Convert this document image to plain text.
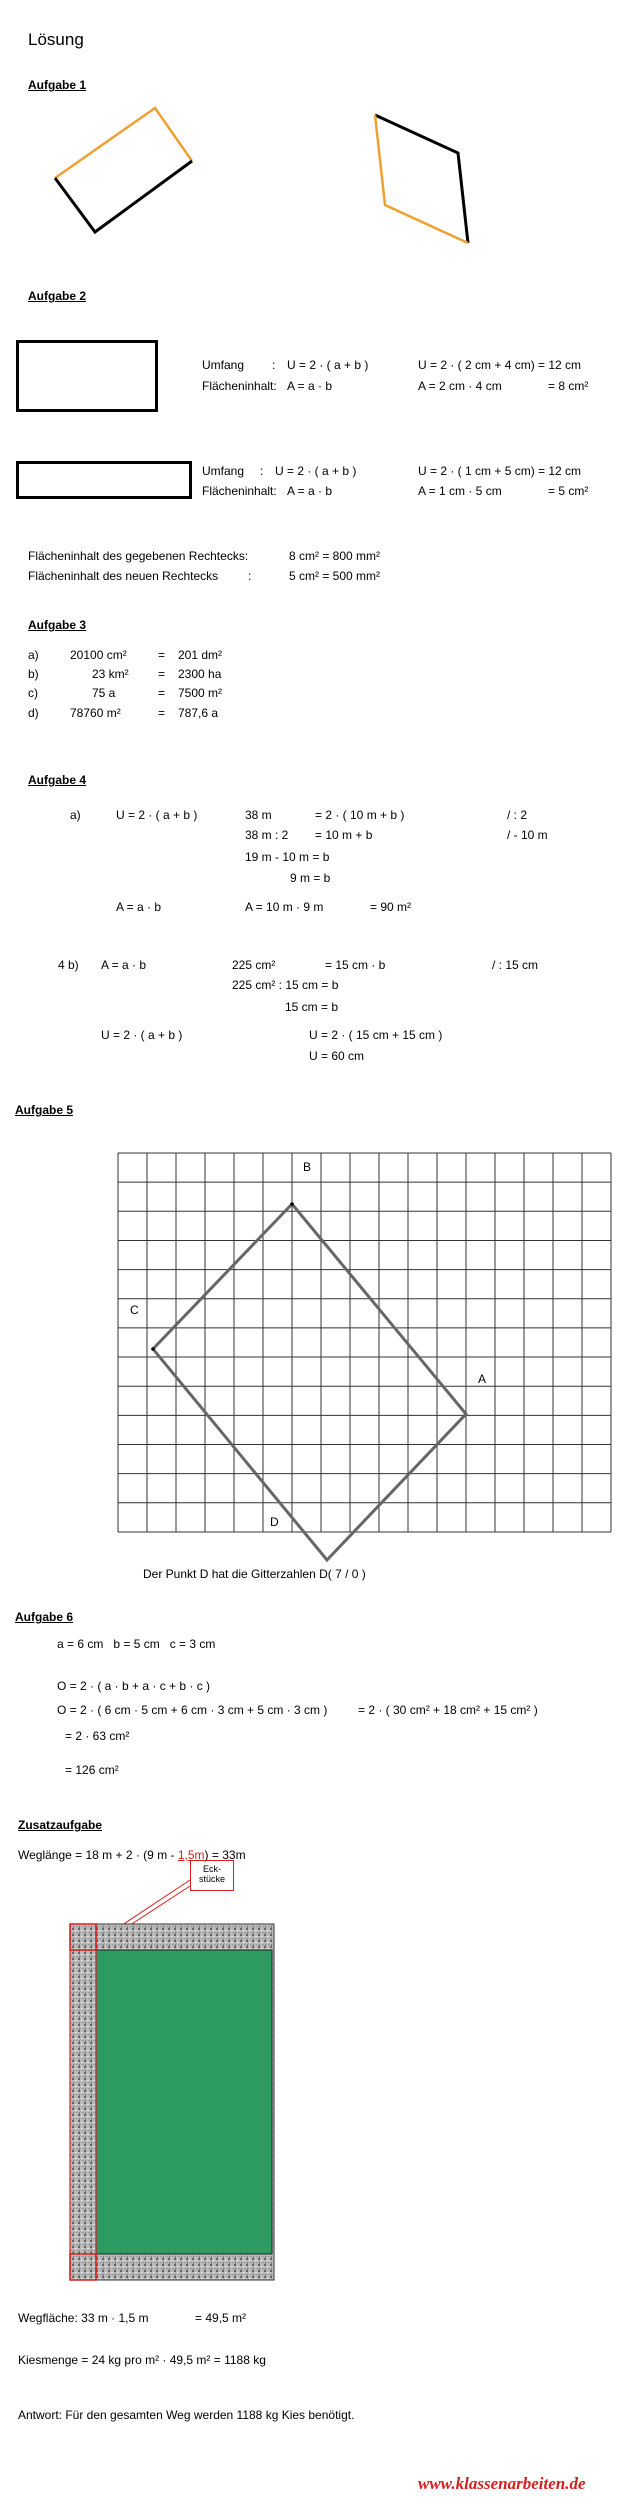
Lösung
Aufgabe 1
Aufgabe 2
Umfang : U = 2 · ( a + b )	U = 2 · ( 2 cm + 4 cm) = 12 cm
Flächeninhalt: A = a · b	A = 2 cm · 4 cm	= 8 cm²
Umfang : U = 2 · ( a + b )	U = 2 · ( 1 cm + 5 cm) = 12 cm
Flächeninhalt: A = a · b	A = 1 cm · 5 cm	= 5 cm²
Flächeninhalt des gegebenen Rechtecks:	8 cm² = 800 mm²
Flächeninhalt des neuen Rechtecks :	5 cm² = 500 mm²
Aufgabe 3
a)	20100 cm²	= 201 dm²
b)	23 km² = 2300 ha
c)	75 a	= 7500 m²
d)	78760 m²	= 787,6 a
Aufgabe 4
a)	U = 2 · ( a + b )	38 m	= 2 · ( 10 m + b )	/ : 2
38 m : 2 = 10 m + b	/ - 10 m
19 m - 10 m = b
9 m = b
A = a · b	A = 10 m · 9 m	= 90 m²
4 b) A = a · b	225 cm²	= 15 cm · b	/ : 15 cm
225 cm² : 15 cm = b
15 cm = b
U = 2 · ( a + b )	U = 2 · ( 15 cm + 15 cm )
U = 60 cm
Aufgabe 5
B
C
A
D
Der Punkt D hat die Gitterzahlen D( 7 / 0 )
Aufgabe 6
a = 6 cm   b = 5 cm   c = 3 cm
O = 2 · ( a · b + a · c + b · c )
O = 2 · ( 6 cm · 5 cm + 6 cm · 3 cm + 5 cm · 3 cm )	= 2 · ( 30 cm² + 18 cm² + 15 cm² )
= 2 · 63 cm²
= 126 cm²
Zusatzaufgabe
Weglänge = 18 m + 2 · (9 m - 1,5m) = 33m
Eck-
stücke
Wegfläche: 33 m · 1,5 m	= 49,5 m²
Kiesmenge = 24 kg pro m² · 49,5 m² = 1188 kg
Antwort: Für den gesamten Weg werden 1188 kg Kies benötigt.
www.klassenarbeiten.de
